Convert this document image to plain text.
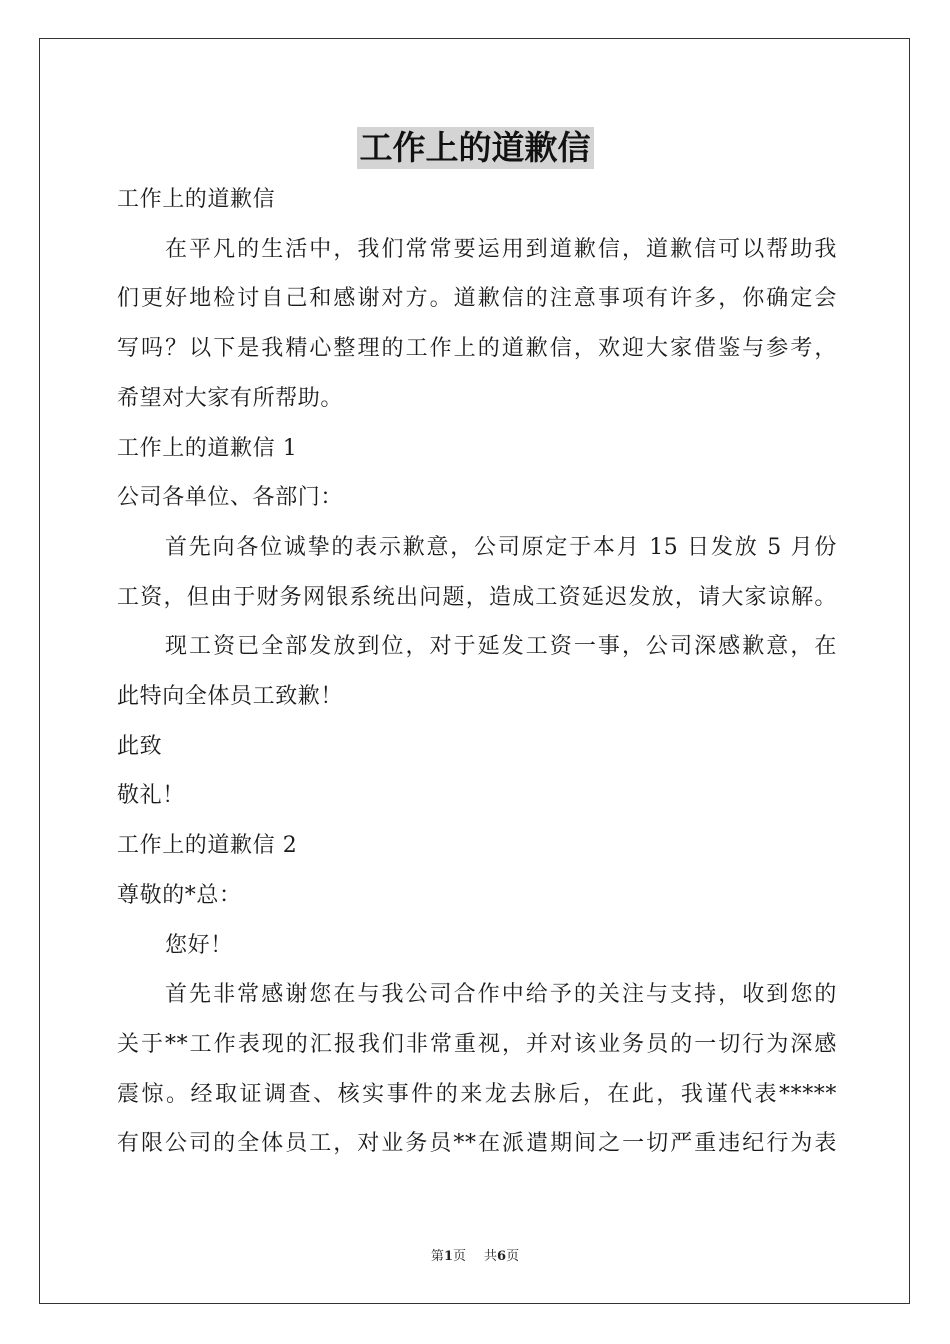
工作上的道歉信
工作上的道歉信
在平凡的生活中，我们常常要运用到道歉信，道歉信可以帮助我
们更好地检讨自己和感谢对方。道歉信的注意事项有许多，你确定会
写吗？以下是我精心整理的工作上的道歉信，欢迎大家借鉴与参考，
希望对大家有所帮助。
工作上的道歉信 1
公司各单位、各部门：
首先向各位诚挚的表示歉意，公司原定于本月 15 日发放 5 月份
工资，但由于财务网银系统出问题，造成工资延迟发放，请大家谅解。
现工资已全部发放到位，对于延发工资一事，公司深感歉意，在
此特向全体员工致歉！
此致
敬礼！
工作上的道歉信 2
尊敬的*总：
您好！
首先非常感谢您在与我公司合作中给予的关注与支持，收到您的
关于**工作表现的汇报我们非常重视，并对该业务员的一切行为深感
震惊。经取证调查、核实事件的来龙去脉后，在此，我谨代表*****
有限公司的全体员工，对业务员**在派遣期间之一切严重违纪行为表
第1页 共6页
